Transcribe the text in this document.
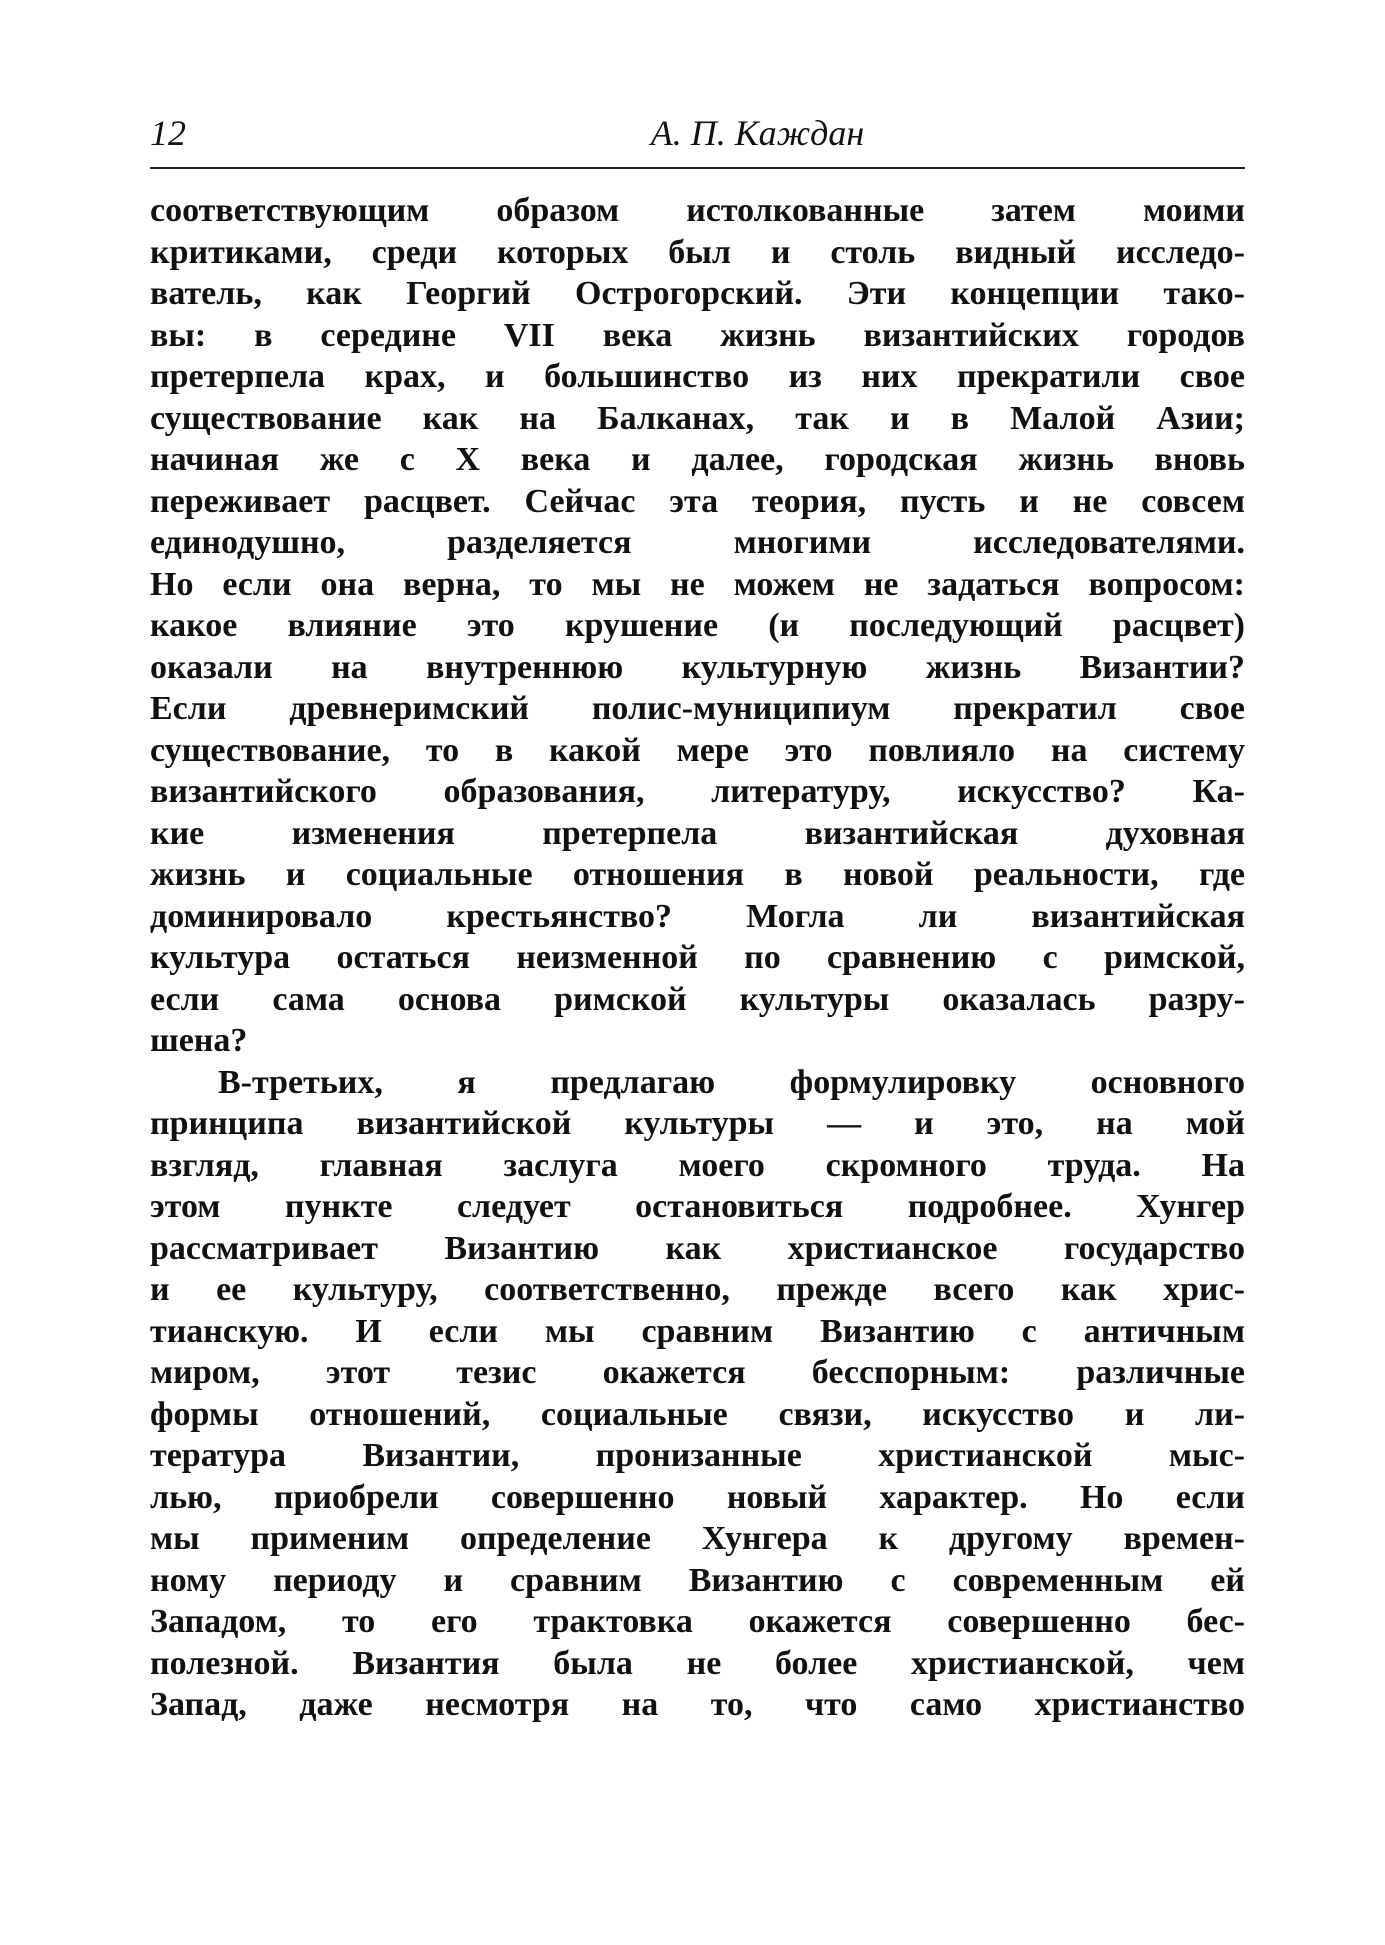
12	А. П. Каждан
соответствующим образом истолкованные затем моими
критиками, среди которых был и столь видный исследо-
ватель, как Георгий Острогорский. Эти концепции тако-
вы: в середине VII века жизнь византийских городов
претерпела крах, и большинство из них прекратили свое
существование как на Балканах, так и в Малой Азии;
начиная же с X века и далее, городская жизнь вновь
переживает расцвет. Сейчас эта теория, пусть и не совсем
единодушно, разделяется многими исследователями.
Но если она верна, то мы не можем не задаться вопросом:
какое влияние это крушение (и последующий расцвет)
оказали на внутреннюю культурную жизнь Византии?
Если древнеримский полис-муниципиум прекратил свое
существование, то в какой мере это повлияло на систему
византийского образования, литературу, искусство? Ка-
кие изменения претерпела византийская духовная
жизнь и социальные отношения в новой реальности, где
доминировало крестьянство? Могла ли византийская
культура остаться неизменной по сравнению с римской,
если сама основа римской культуры оказалась разру-
шена?
В-третьих, я предлагаю формулировку основного
принципа византийской культуры — и это, на мой
взгляд, главная заслуга моего скромного труда. На
этом пункте следует остановиться подробнее. Хунгер
рассматривает Византию как христианское государство
и ее культуру, соответственно, прежде всего как хрис-
тианскую. И если мы сравним Византию с античным
миром, этот тезис окажется бесспорным: различные
формы отношений, социальные связи, искусство и ли-
тература Византии, пронизанные христианской мыс-
лью, приобрели совершенно новый характер. Но если
мы применим определение Хунгера к другому времен-
ному периоду и сравним Византию с современным ей
Западом, то его трактовка окажется совершенно бес-
полезной. Византия была не более христианской, чем
Запад, даже несмотря на то, что само христианство
